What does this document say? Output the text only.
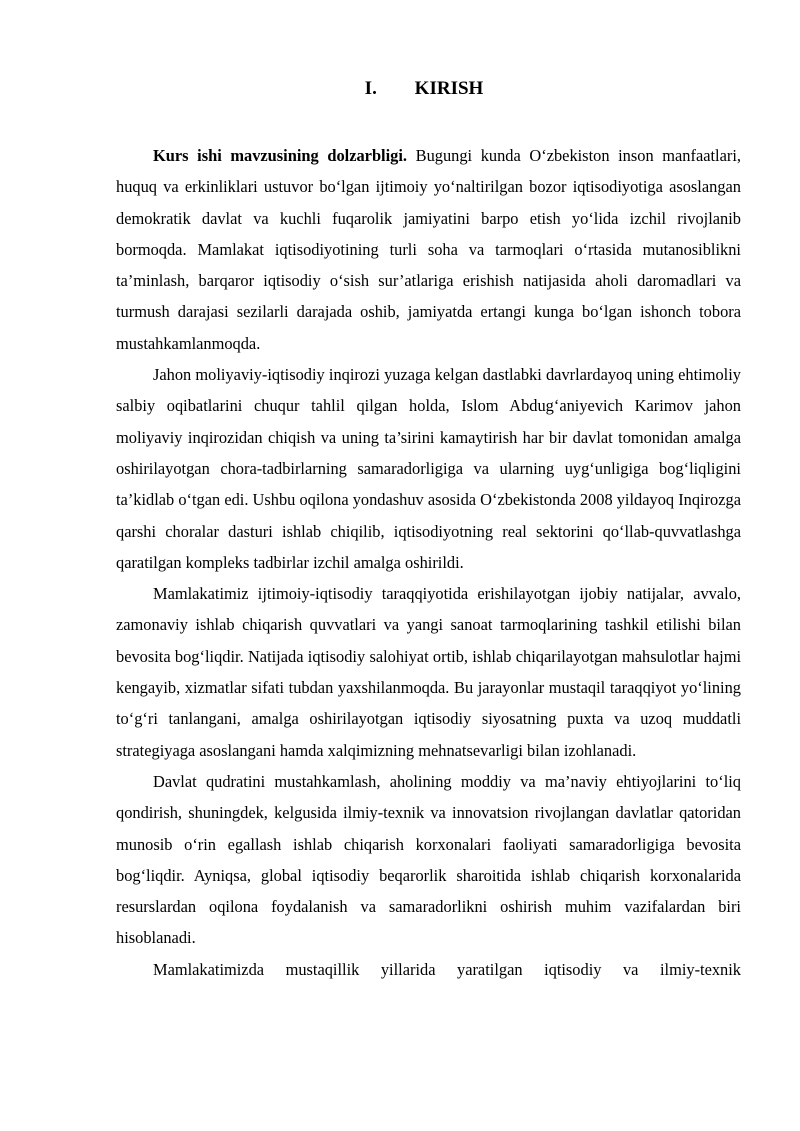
I. KIRISH

Kurs ishi mavzusining dolzarbligi. Bugungi kunda O‘zbekiston inson manfaatlari, huquq va erkinliklari ustuvor bo‘lgan ijtimoiy yo‘naltirilgan bozor iqtisodiyotiga asoslangan demokratik davlat va kuchli fuqarolik jamiyatini barpo etish yo‘lida izchil rivojlanib bormoqda. Mamlakat iqtisodiyotining turli soha va tarmoqlari o‘rtasida mutanosiblikni ta’minlash, barqaror iqtisodiy o‘sish sur’atlariga erishish natijasida aholi daromadlari va turmush darajasi sezilarli darajada oshib, jamiyatda ertangi kunga bo‘lgan ishonch tobora mustahkamlanmoqda.

Jahon moliyaviy-iqtisodiy inqirozi yuzaga kelgan dastlabki davrlardayoq uning ehtimoliy salbiy oqibatlarini chuqur tahlil qilgan holda, Islom Abdug‘aniyevich Karimov jahon moliyaviy inqirozidan chiqish va uning ta’sirini kamaytirish har bir davlat tomonidan amalga oshirilayotgan chora-tadbirlarning samaradorligiga va ularning uyg‘unligiga bog‘liqligini ta’kidlab o‘tgan edi. Ushbu oqilona yondashuv asosida O‘zbekistonda 2008 yildayoq Inqirozga qarshi choralar dasturi ishlab chiqilib, iqtisodiyotning real sektorini qo‘llab-quvvatlashga qaratilgan kompleks tadbirlar izchil amalga oshirildi.

Mamlakatimiz ijtimoiy-iqtisodiy taraqqiyotida erishilayotgan ijobiy natijalar, avvalo, zamonaviy ishlab chiqarish quvvatlari va yangi sanoat tarmoqlarining tashkil etilishi bilan bevosita bog‘liqdir. Natijada iqtisodiy salohiyat ortib, ishlab chiqarilayotgan mahsulotlar hajmi kengayib, xizmatlar sifati tubdan yaxshilanmoqda. Bu jarayonlar mustaqil taraqqiyot yo‘lining to‘g‘ri tanlangani, amalga oshirilayotgan iqtisodiy siyosatning puxta va uzoq muddatli strategiyaga asoslangani hamda xalqimizning mehnatsevarligi bilan izohlanadi.

Davlat qudratini mustahkamlash, aholining moddiy va ma’naviy ehtiyojlarini to‘liq qondirish, shuningdek, kelgusida ilmiy-texnik va innovatsion rivojlangan davlatlar qatoridan munosib o‘rin egallash ishlab chiqarish korxonalari faoliyati samaradorligiga bevosita bog‘liqdir. Ayniqsa, global iqtisodiy beqarorlik sharoitida ishlab chiqarish korxonalarida resurslardan oqilona foydalanish va samaradorlikni oshirish muhim vazifalardan biri hisoblanadi.

Mamlakatimizda mustaqillik yillarida yaratilgan iqtisodiy va ilmiy-texnik
